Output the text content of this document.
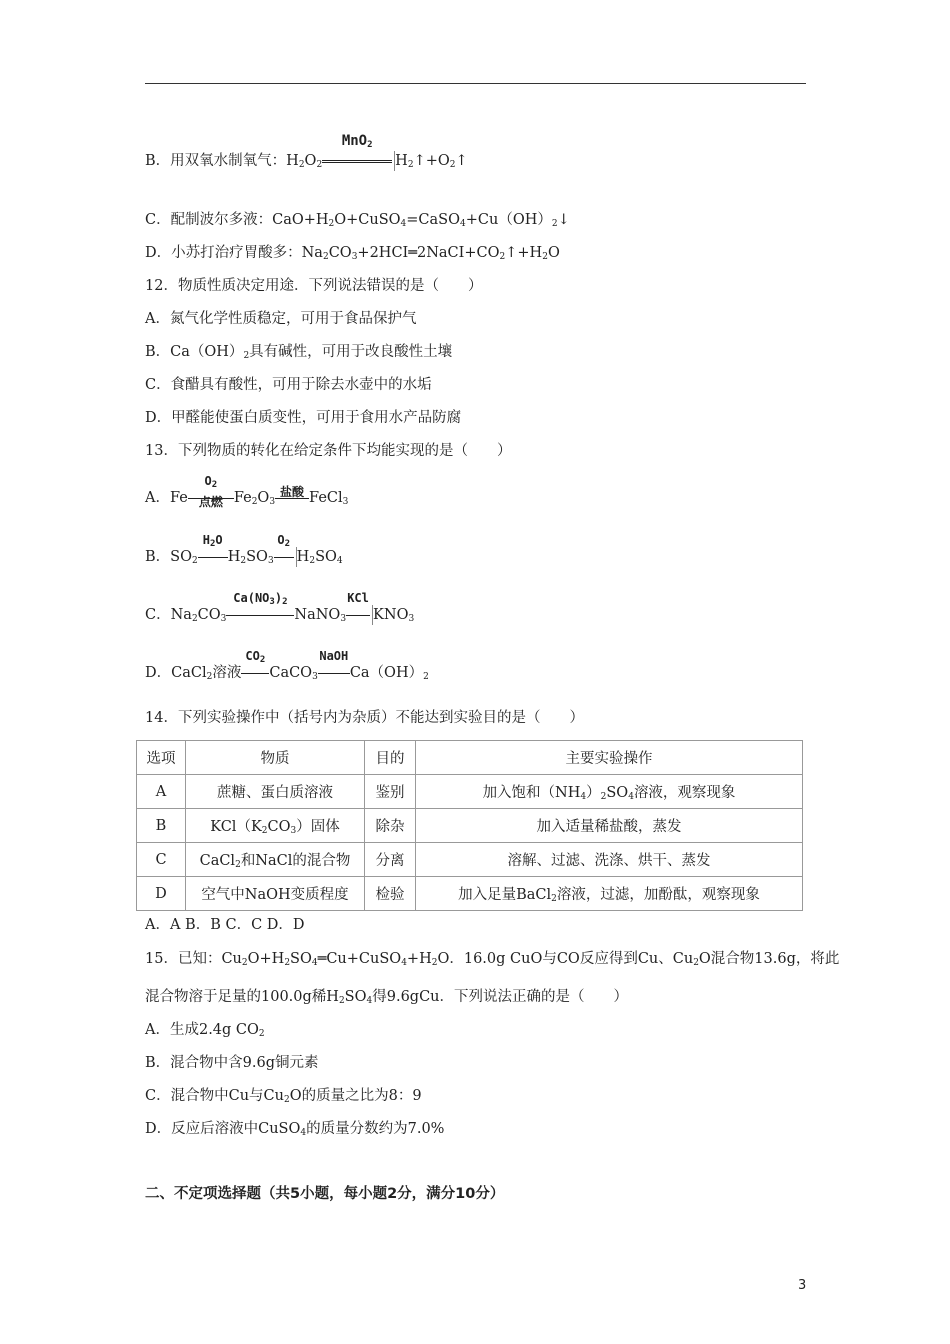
B．用双氧水制氧气：$H_2O_2$
MnO$_2$
$H_2↑+O_2↑$
C．配制波尔多液：$CaO+H_2O+CuSO_4=CaSO_4+Cu(OH)_2↓$
D．小苏打治疗胃酸多：$Na_2CO_3+2HCI═2NaCI+CO_2↑+H_2O$
12．物质性质决定用途．下列说法错误的是（　　）
A．氮气化学性质稳定，可用于食品保护气
B．$Ca(OH)_2$具有碱性，可用于改良酸性土壤
C．食醋具有酸性，可用于除去水壶中的水垢
D．甲醛能使蛋白质变性，可用于食用水产品防腐
13．下列物质的转化在给定条件下均能实现的是（　　）
A．Fe
$O_2$
点燃 $Fe_2O_3$
盐酸 FeCl$_3$
B．$SO_2$
$H_2O$
$H_2SO_3$
$O_2$
$H_2SO_4$
C．$Na_2CO_3$
$Ca(NO_3)_2$
NaNO$_3$
KCl
$KNO_3$
D．CaCl$_2$溶液
$CO_2$
CaCO$_3$
NaOH
$Ca(OH)_2$
14．下列实验操作中（括号内为杂质）不能达到实验目的是（　　）
选项	物质	目的	主要实验操作
A	蔗糖、蛋白质溶液	鉴别	加入饱和$(NH_4)_2SO_4$溶液，观察现象
B	$KCl(K_2CO_3)$固体	除杂	加入适量稀盐酸，蒸发
C	CaCl$_2$和NaCl的混合物	分离	溶解、过滤、洗涤、烘干、蒸发
D	空气中NaOH变质程度	检验	加入足量BaCl$_2$溶液，过滤，加酚酞，观察现象
A．A B．B C．C D．D
15．已知：$Cu_2O+H_2SO_4═Cu+CuSO_4+H_2O$．16.0g CuO与CO反应得到Cu、$Cu_2O$混合物13.6g，将此
混合物溶于足量的100.0g稀$H_2SO_4$得9.6gCu．下列说法正确的是（　　）
A．生成2.4g $CO_2$
B．混合物中含9.6g铜元素
C．混合物中Cu与$Cu_2O$的质量之比为8：9
D．反应后溶液中CuSO$_4$的质量分数约为7.0%
二、不定项选择题（共5小题，每小题2分，满分10分）
3
